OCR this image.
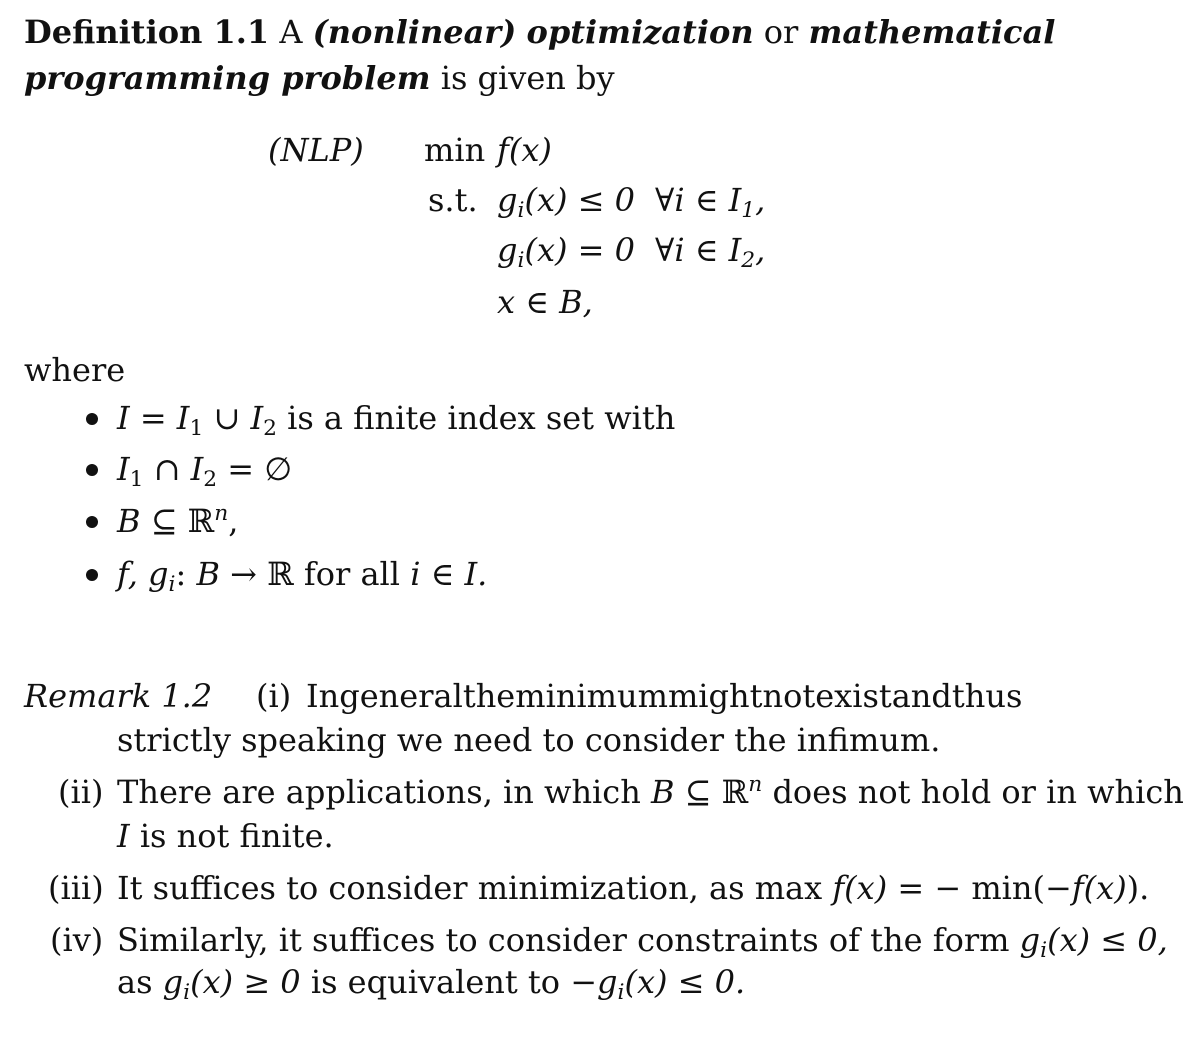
Definition 1.1 A (nonlinear) optimization or mathematical
programming problem is given by
(NLP) min f(x)
s.t. $g_i(x) \le 0$ ∀i ∈ $I_1$,
$g_i(x) = 0$ ∀i ∈ $I_2$,
x ∈ B,
where
$I = I_1$ ∪ $I_2$ is a finite index set with
$I_1$ ∩ $I_2$ = ∅
B ⊆ ℝ$^n$,
f, $g_i$: B → ℝ for all i ∈ I.
Remark 1.2 (i) In general the minimum might not exist and thus
strictly speaking we need to consider the infimum.
(ii) There are applications, in which B ⊆ ℝ$^n$ does not hold or in which
I is not finite.
(iii) It suffices to consider minimization, as max f(x) = − min(−f(x)).
(iv) Similarly, it suffices to consider constraints of the form $g_i(x) \le 0$,
as $g_i(x) \ge 0$ is equivalent to $-g_i(x) \le 0$.
